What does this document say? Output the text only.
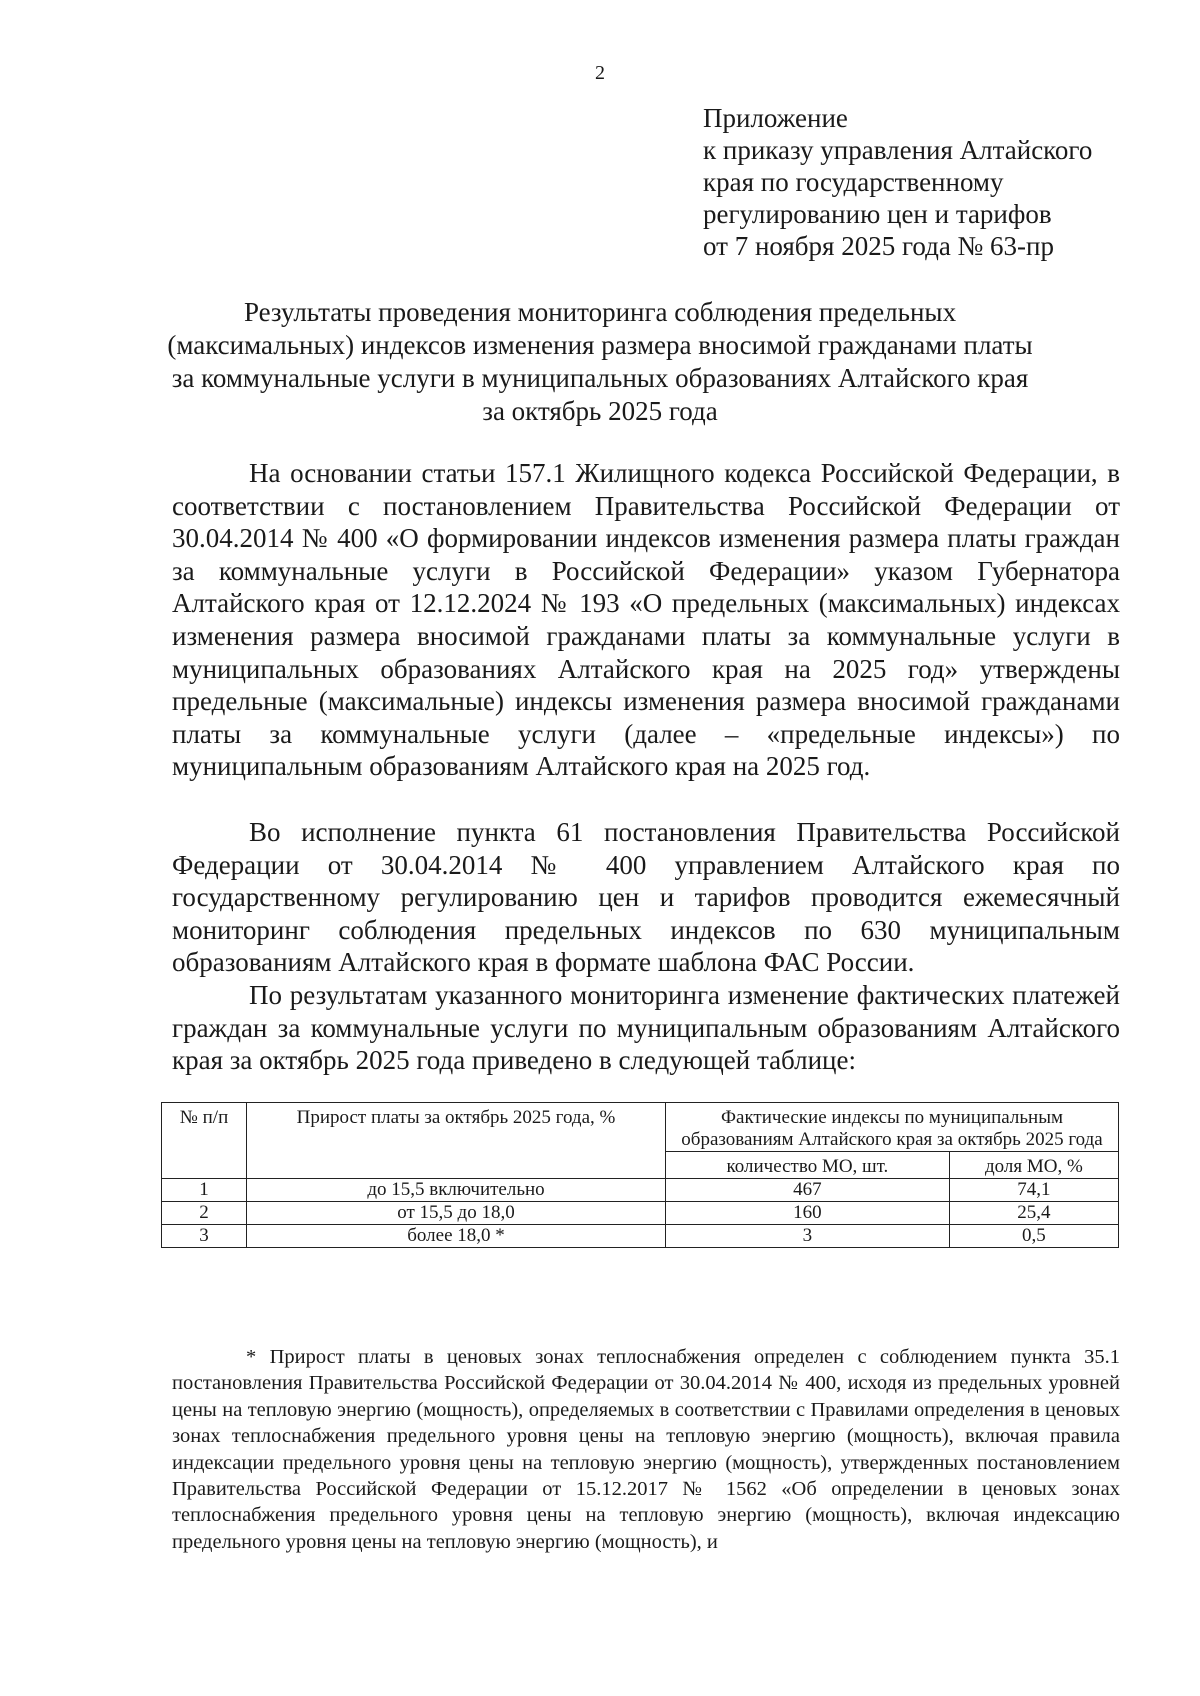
2
Приложение
к приказу управления Алтайского
края по государственному
регулированию цен и тарифов
от 7 ноября 2025 года № 63-пр
Результаты проведения мониторинга соблюдения предельных
(максимальных) индексов изменения размера вносимой гражданами платы
за коммунальные услуги в муниципальных образованиях Алтайского края
за октябрь 2025 года

На основании статьи 157.1 Жилищного кодекса Российской Федерации, в соответствии с постановлением Правительства Российской Федерации от 30.04.2014 № 400 «О формировании индексов изменения размера платы граждан за коммунальные услуги в Российской Федерации» указом Губернатора Алтайского края от 12.12.2024 № 193 «О предельных (максимальных) индексах изменения размера вносимой гражданами платы за коммунальные услуги в муниципальных образованиях Алтайского края на 2025 год» утверждены предельные (максимальные) индексы изменения размера вносимой гражданами платы за коммунальные услуги (далее – «предельные индексы») по муниципальным образованиям Алтайского края на 2025 год.

Во исполнение пункта 61 постановления Правительства Российской Федерации от 30.04.2014 № 400 управлением Алтайского края по государственному регулированию цен и тарифов проводится ежемесячный мониторинг соблюдения предельных индексов по 630 муниципальным образованиям Алтайского края в формате шаблона ФАС России.

По результатам указанного мониторинга изменение фактических платежей граждан за коммунальные услуги по муниципальным образованиям Алтайского края за октябрь 2025 года приведено в следующей таблице:

№ п/п	Прирост платы за октябрь 2025 года, %	Фактические индексы по муниципальным образованиям Алтайского края за октябрь 2025 года	
		количество МО, шт.	доля МО, %
1	до 15,5 включительно	467	74,1
2	от 15,5 до 18,0	160	25,4
3	более 18,0 *	3	0,5

* Прирост платы в ценовых зонах теплоснабжения определен с соблюдением пункта 35.1 постановления Правительства Российской Федерации от 30.04.2014 № 400, исходя из предельных уровней цены на тепловую энергию (мощность), определяемых в соответствии с Правилами определения в ценовых зонах теплоснабжения предельного уровня цены на тепловую энергию (мощность), включая правила индексации предельного уровня цены на тепловую энергию (мощность), утвержденных постановлением Правительства Российской Федерации от 15.12.2017 № 1562 «Об определении в ценовых зонах теплоснабжения предельного уровня цены на тепловую энергию (мощность), включая индексацию предельного уровня цены на тепловую энергию (мощность), и
